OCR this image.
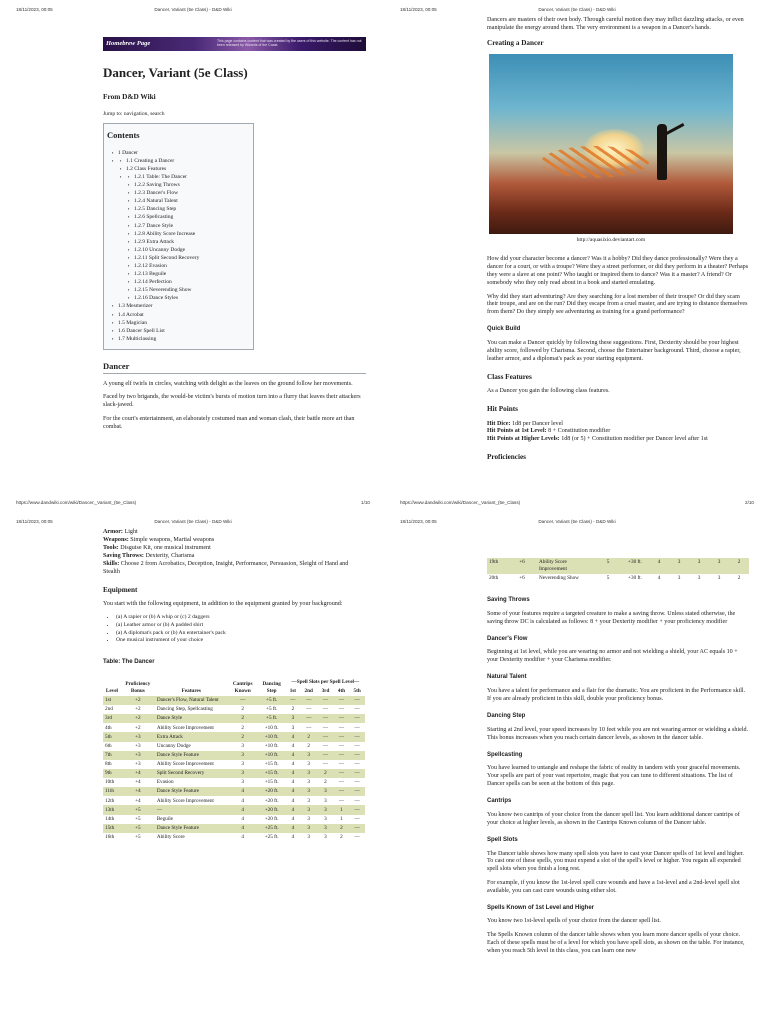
18/11/2023, 00:05	Dancer, Variant (5e Class) - D&D Wiki
Homebrew Page	This page contains content that was created by the users of this website. The content has not been released by Wizards of the Coast.
Dancer, Variant (5e Class)
From D&D Wiki
Jump to: navigation, search
Contents
▪ 1 Dancer
▪ ▪ 1.1 Creating a Dancer
▪ 1.2 Class Features
▪ ▪ 1.2.1 Table: The Dancer
▪ 1.2.2 Saving Throws
▪ 1.2.3 Dancer's Flow
▪ 1.2.4 Natural Talent
▪ 1.2.5 Dancing Step
▪ 1.2.6 Spellcasting
▪ 1.2.7 Dance Style
▪ 1.2.8 Ability Score Increase
▪ 1.2.9 Extra Attack
▪ 1.2.10 Uncanny Dodge
▪ 1.2.11 Split Second Recovery
▪ 1.2.12 Evasion
▪ 1.2.13 Beguile
▪ 1.2.14 Perfection
▪ 1.2.15 Neverending Show
▪ 1.2.16 Dance Styles
▪ 1.3 Mesmerizer
▪ 1.4 Acrobat
▪ 1.5 Magician
▪ 1.6 Dancer Spell List
▪ 1.7 Multiclassing
Dancer

A young elf twirls in circles, watching with delight as the leaves on the ground follow her movements.

Faced by two brigands, the would-be victim's bursts of motion turn into a flurry that leaves their attackers slack-jawed.

For the court's entertainment, an elaborately costumed man and woman clash, their battle more art than combat.

https://www.dandwiki.com/wiki/Dancer,_Variant_(5e_Class)	1/10
18/11/2023, 00:05	Dancer, Variant (5e Class) - D&D Wiki

Dancers are masters of their own body. Through careful motion they may inflict dazzling attacks, or even manipulate the energy around them. The very environment is a weapon in a Dancer's hands.

Creating a Dancer
http://aquasixio.deviantart.com

How did your character become a dancer? Was it a hobby? Did they dance professionally? Were they a dancer for a court, or with a troupe? Were they a street performer, or did they perform in a theater? Perhaps they were a slave at one point? Who taught or inspired them to dance? Was it a master? A friend? Or somebody who they only read about in a book and started emulating.

Why did they start adventuring? Are they searching for a lost member of their troupe? Or did they scam their troupe, and are on the run? Did they escape from a cruel master, and are trying to distance themselves from them? Do they simply see adventuring as training for a grand performance?

Quick Build

You can make a Dancer quickly by following these suggestions. First, Dexterity should be your highest ability score, followed by Charisma. Second, choose the Entertainer background. Third, choose a rapier, leather armor, and a diplomat's pack as your starting equipment.

Class Features

As a Dancer you gain the following class features.

Hit Points
Hit Dice: 1d8 per Dancer level
Hit Points at 1st Level: 8 + Constitution modifier
Hit Points at Higher Levels: 1d8 (or 5) + Constitution modifier per Dancer level after 1st
Proficiencies
https://www.dandwiki.com/wiki/Dancer,_Variant_(5e_Class)	2/10
18/11/2023, 00:05	Dancer, Variant (5e Class) - D&D Wiki
Armor: Light
Weapons: Simple weapons, Martial weapons
Tools: Disguise Kit, one musical instrument
Saving Throws: Dexterity, Charisma
Skills: Choose 2 from Acrobatics, Deception, Insight, Performance, Persuasion, Sleight of Hand and Stealth
Equipment

You start with the following equipment, in addition to the equipment granted by your background:

• (a) A rapier or (b) A whip or (c) 2 daggers
• (a) Leather armor or (b) A padded shirt
• (a) A diplomat's pack or (b) An entertainer's pack
• One musical instrument of your choice
Table: The Dancer
Level	Proficiency Bonus	Features	Cantrips Known	Dancing Step	—Spell Slots per Spell Level—				
					1st	2nd	3rd	4th	5th
1st	+2	Dancer's Flow, Natural Talent	—	+5 ft.	—	—	—	—	—
2nd	+2	Dancing Step, Spellcasting	2	+5 ft.	2	—	—	—	—
3rd	+2	Dance Style	2	+5 ft.	3	—	—	—	—
4th	+2	Ability Score Improvement	2	+10 ft.	3	—	—	—	—
5th	+3	Extra Attack	2	+10 ft.	4	2	—	—	—
6th	+3	Uncanny Dodge	3	+10 ft.	4	2	—	—	—
7th	+3	Dance Style Feature	3	+10 ft.	4	3	—	—	—
8th	+3	Ability Score Improvement	3	+15 ft.	4	3	—	—	—
9th	+4	Split Second Recovery	3	+15 ft.	4	3	2	—	—
10th	+4	Evasion	3	+15 ft.	4	3	2	—	—
11th	+4	Dance Style Feature	4	+20 ft.	4	3	3	—	—
12th	+4	Ability Score Improvement	4	+20 ft.	4	3	3	—	—
13th	+5	—	4	+20 ft.	4	3	3	1	—
14th	+5	Beguile	4	+20 ft.	4	3	3	1	—
15th	+5	Dance Style Feature	4	+25 ft.	4	3	3	2	—
16th	+5	Ability Score	4	+25 ft.	4	3	3	2	—
18/11/2023, 00:05	Dancer, Variant (5e Class) - D&D Wiki
19th	+6	Ability Score Improvement	5	+30 ft.	4	3	3	3	2
20th	+6	Neverending Show	5	+30 ft.	4	3	3	3	2
Saving Throws

Some of your features require a targeted creature to make a saving throw. Unless stated otherwise, the saving throw DC is calculated as follows: 8 + your Dexterity modifier + your proficiency modifier

Dancer's Flow

Beginning at 1st level, while you are wearing no armor and not wielding a shield, your AC equals 10 + your Dexterity modifier + your Charisma modifier.

Natural Talent

You have a talent for performance and a flair for the dramatic. You are proficient in the Performance skill. If you are already proficient in this skill, double your proficiency bonus.

Dancing Step

Starting at 2nd level, your speed increases by 10 feet while you are not wearing armor or wielding a shield. This bonus increases when you reach certain dancer levels, as shown in the dancer table.

Spellcasting

You have learned to untangle and reshape the fabric of reality in tandem with your graceful movements. Your spells are part of your vast repertoire, magic that you can tune to different situations. The list of Dancer spells can be seen at the bottom of this page.

Cantrips

You know two cantrips of your choice from the dancer spell list. You learn additional dancer cantrips of your choice at higher levels, as shown in the Cantrips Known column of the Dancer table.

Spell Slots

The Dancer table shows how many spell slots you have to cast your Dancer spells of 1st level and higher. To cast one of these spells, you must expend a slot of the spell's level or higher. You regain all expended spell slots when you finish a long rest.

For example, if you know the 1st-level spell cure wounds and have a 1st-level and a 2nd-level spell slot available, you can cast cure wounds using either slot.

Spells Known of 1st Level and Higher

You know two 1st-level spells of your choice from the dancer spell list.

The Spells Known column of the dancer table shows when you learn more dancer spells of your choice. Each of these spells must be of a level for which you have spell slots, as shown on the table. For instance, when you reach 5th level in this class, you can learn one new
